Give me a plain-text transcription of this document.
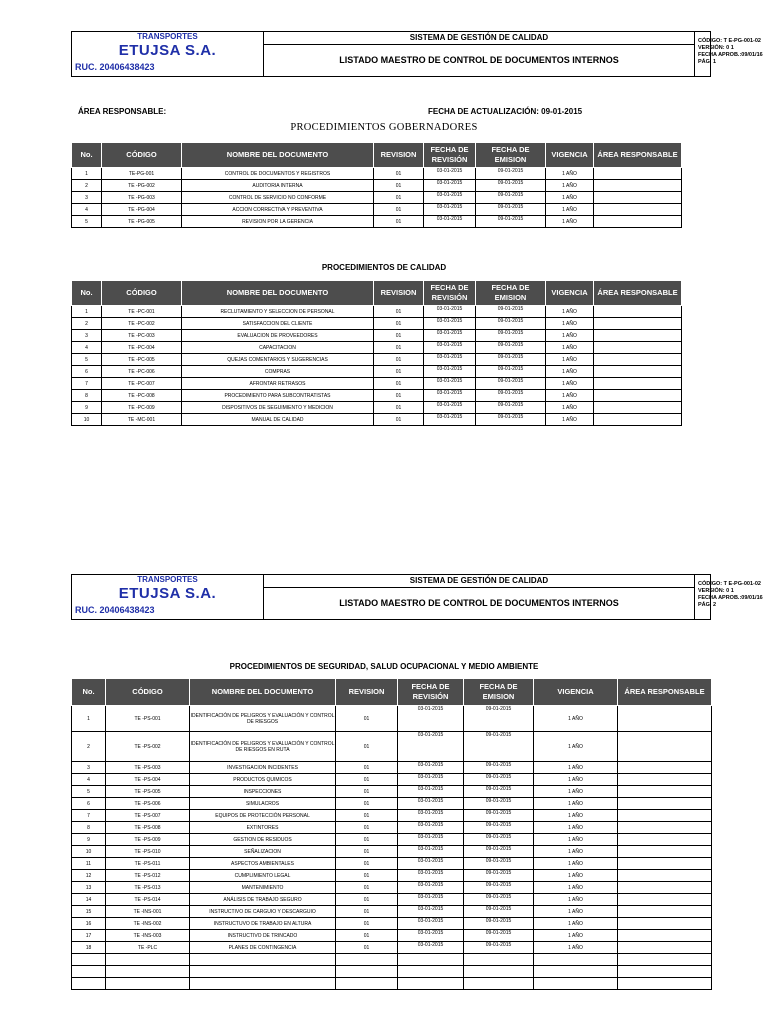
TRANSPORTES
ETUJSA S.A.
RUC. 20406438423
SISTEMA DE GESTIÓN DE CALIDAD
LISTADO MAESTRO DE CONTROL DE DOCUMENTOS INTERNOS
CÓDIGO: T E-PG-001-02
VERSIÓN: 0 1
FECHA APROB.:09/01/16
PÁG. 1
ÁREA RESPONSABLE:	FECHA DE ACTUALIZACIÓN: 09-01-2015
PROCEDIMIENTOS GOBERNADORES
No.	CÓDIGO	NOMBRE DEL DOCUMENTO	REVISION	FECHA DE REVISIÓN	FECHA DE EMISION	VIGENCIA	ÁREA RESPONSABLE
1	TE-PG-001	CONTROL DE DOCUMENTOS Y REGISTROS	01	03-01-2015	09-01-2015	1 AÑO	
2	TE -PG-002	AUDITORIA INTERNA	01	03-01-2015	09-01-2015	1 AÑO	
3	TE -PG-003	CONTROL DE SERVICIO NO CONFORME	01	03-01-2015	09-01-2015	1 AÑO	
4	TE -PG-004	ACCION CORRECTIVA Y PREVENTIVA	01	03-01-2015	09-01-2015	1 AÑO	
5	TE -PG-005	REVISION POR LA GERENCIA	01	03-01-2015	09-01-2015	1 AÑO	
PROCEDIMIENTOS DE CALIDAD
No.	CÓDIGO	NOMBRE DEL DOCUMENTO	REVISION	FECHA DE REVISIÓN	FECHA DE EMISION	VIGENCIA	ÁREA RESPONSABLE
1	TE -PC-001	RECLUTAMIENTO Y SELECCION DE PERSONAL	01	03-01-2015	09-01-2015	1 AÑO	
2	TE -PC-002	SATISFACCION DEL CLIENTE	01	03-01-2015	09-01-2015	1 AÑO	
3	TE -PC-003	EVALUACION DE PROVEEDORES	01	03-01-2015	09-01-2015	1 AÑO	
4	TE -PC-004	CAPACITACION	01	03-01-2015	09-01-2015	1 AÑO	
5	TE -PC-005	QUEJAS COMENTARIOS Y SUGERENCIAS	01	03-01-2015	09-01-2015	1 AÑO	
6	TE -PC-006	COMPRAS	01	03-01-2015	09-01-2015	1 AÑO	
7	TE -PC-007	AFRONTAR RETRASOS	01	03-01-2015	09-01-2015	1 AÑO	
8	TE -PC-008	PROCEDIMIENTO PARA SUBCONTRATISTAS	01	03-01-2015	09-01-2015	1 AÑO	
9	TE -PC-009	DISPOSITIVOS DE SEGUIMIENTO Y MEDICION	01	03-01-2015	09-01-2015	1 AÑO	
10	TE -MC-001	MANUAL DE CALIDAD	01	03-01-2015	09-01-2015	1 AÑO	
TRANSPORTES
ETUJSA S.A.
RUC. 20406438423
SISTEMA DE GESTIÓN DE CALIDAD
LISTADO MAESTRO DE CONTROL DE DOCUMENTOS INTERNOS
CÓDIGO: T E-PG-001-02
VERSIÓN: 0 1
FECHA APROB.:09/01/16
PÁG. 2
PROCEDIMIENTOS DE SEGURIDAD, SALUD OCUPACIONAL Y MEDIO AMBIENTE
No.	CÓDIGO	NOMBRE DEL DOCUMENTO	REVISION	FECHA DE REVISIÓN	FECHA DE EMISION	VIGENCIA	ÁREA RESPONSABLE
1	TE -PS-001	IDENTIFICACIÓN DE PELIGROS Y EVALUACIÓN Y CONTROL DE RIESGOS	01	03-01-2015	09-01-2015	1 AÑO	
2	TE -PS-002	IDENTIFICACIÓN DE PELIGROS Y EVALUACIÓN Y CONTROL DE RIESGOS EN RUTA	01	03-01-2015	09-01-2015	1 AÑO	
3	TE -PS-003	INVESTIGACION INCIDENTES	01	03-01-2015	09-01-2015	1 AÑO	
4	TE -PS-004	PRODUCTOS QUIMICOS	01	03-01-2015	09-01-2015	1 AÑO	
5	TE -PS-005	INSPECCIONES	01	03-01-2015	09-01-2015	1 AÑO	
6	TE -PS-006	SIMULACROS	01	03-01-2015	09-01-2015	1 AÑO	
7	TE -PS-007	EQUIPOS DE PROTECCIÓN PERSONAL	01	03-01-2015	09-01-2015	1 AÑO	
8	TE -PS-008	EXTINTORES	01	03-01-2015	09-01-2015	1 AÑO	
9	TE -PS-009	GESTION DE RESIDUOS	01	03-01-2015	09-01-2015	1 AÑO	
10	TE -PS-010	SEÑALIZACION	01	03-01-2015	09-01-2015	1 AÑO	
11	TE -PS-011	ASPECTOS AMBIENTALES	01	03-01-2015	09-01-2015	1 AÑO	
12	TE -PS-012	CUMPLIMIENTO LEGAL	01	03-01-2015	09-01-2015	1 AÑO	
13	TE -PS-013	MANTENIMIENTO	01	03-01-2015	09-01-2015	1 AÑO	
14	TE -PS-014	ANÁLISIS DE TRABAJO SEGURO	01	03-01-2015	09-01-2015	1 AÑO	
15	TE -INS-001	INSTRUCTIVO DE CARGUIO Y DESCARGUIO	01	03-01-2015	09-01-2015	1 AÑO	
16	TE -INS-002	INSTRUCTUVO DE TRABAJO EN ALTURA	01	03-01-2015	09-01-2015	1 AÑO	
17	TE -INS-003	INSTRUCTIVO DE TRINCADO	01	03-01-2015	09-01-2015	1 AÑO	
18	TE -PLC	PLANES DE CONTINGENCIA	01	03-01-2015	09-01-2015	1 AÑO	
